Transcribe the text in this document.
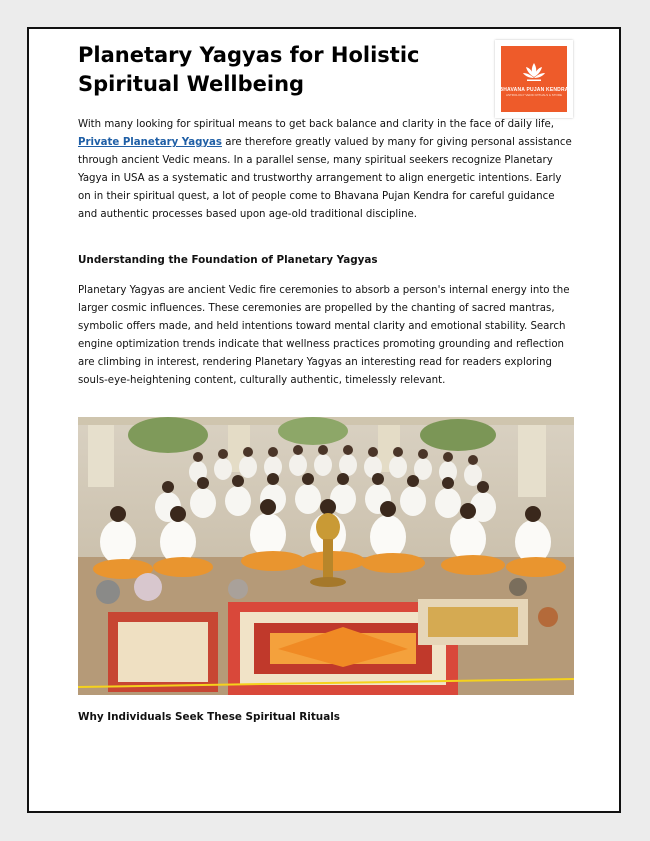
Planetary Yagyas for Holistic Spiritual Wellbeing	BHAVANA PUJAN KENDRA
ASTROLOGY VEDIC RITUALS & STORE

With many looking for spiritual means to get back balance and clarity in the face of daily life, Private Planetary Yagyas are therefore greatly valued by many for giving personal assistance through ancient Vedic means. In a parallel sense, many spiritual seekers recognize Planetary Yagya in USA as a systematic and trustworthy arrangement to align energetic intentions. Early on in their spiritual quest, a lot of people come to Bhavana Pujan Kendra for careful guidance and authentic processes based upon age-old traditional discipline.

Understanding the Foundation of Planetary Yagyas

Planetary Yagyas are ancient Vedic fire ceremonies to absorb a person's internal energy into the larger cosmic influences. These ceremonies are propelled by the chanting of sacred mantras, symbolic offers made, and held intentions toward mental clarity and emotional stability. Search engine optimization trends indicate that wellness practices promoting grounding and reflection are climbing in interest, rendering Planetary Yagyas an interesting read for readers exploring souls-eye-heightening content, culturally authentic, timelessly relevant.

Why Individuals Seek These Spiritual Rituals
